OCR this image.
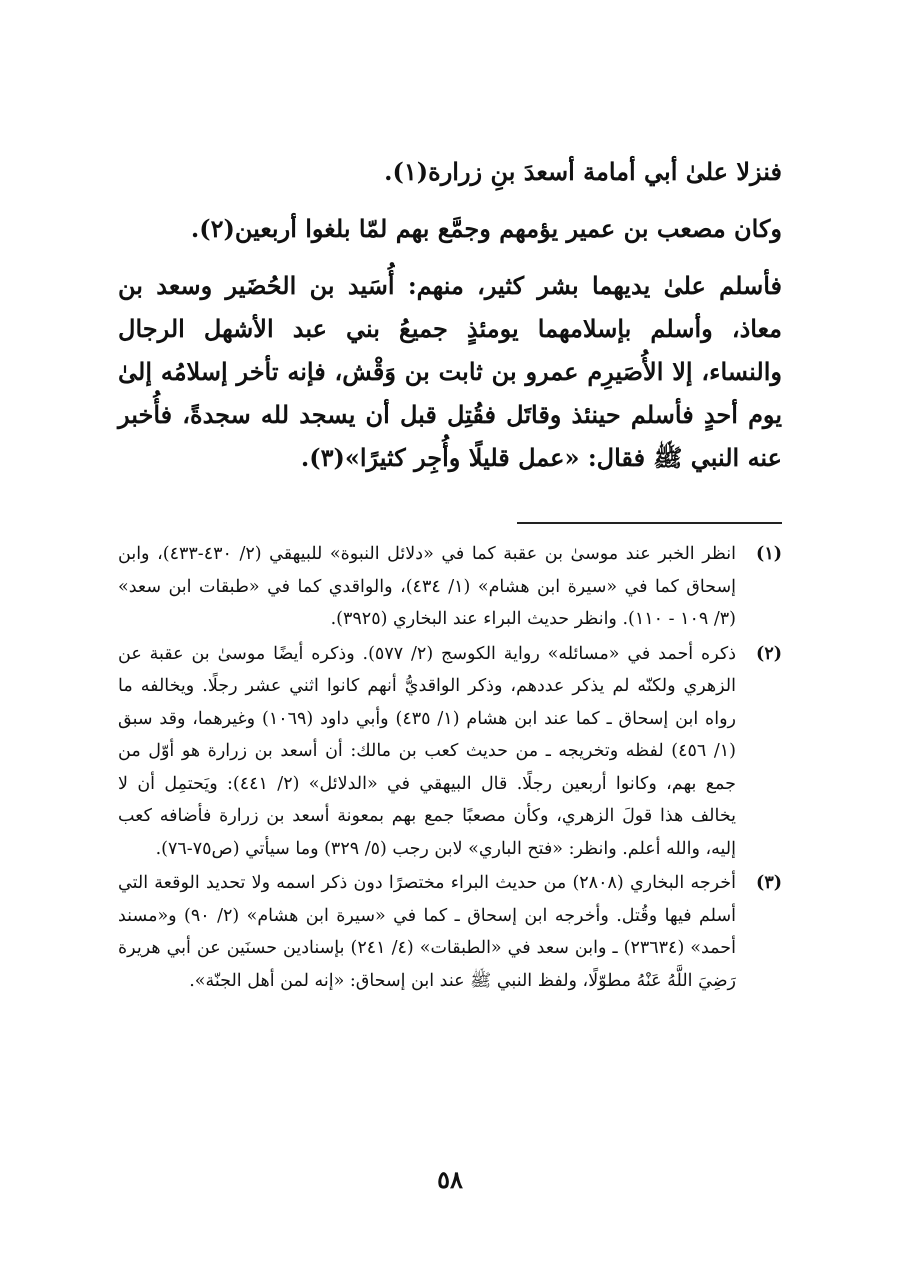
فنزلا علىٰ أبي أمامة أسعدَ بنِ زرارة(١).

وكان مصعب بن عمير يؤمهم وجمَّع بهم لمّا بلغوا أربعين(٢).

فأسلم علىٰ يديهما بشر كثير، منهم: أُسَيد بن الحُضَير وسعد بن معاذ، وأسلم بإسلامهما يومئذٍ جميعُ بني عبد الأشهل الرجال والنساء، إلا الأُصَيرِم عمرو بن ثابت بن وَقْش، فإنه تأخر إسلامُه إلىٰ يوم أحدٍ فأسلم حينئذ وقاتَل فقُتِل قبل أن يسجد لله سجدةً، فأُخبر عنه النبي ﷺ فقال: «عمل قليلًا وأُجِر كثيرًا»(٣).

(١)
انظر الخبر عند موسىٰ بن عقبة كما في «دلائل النبوة» للبيهقي (٢/ ٤٣٠-٤٣٣)، وابن إسحاق كما في «سيرة ابن هشام» (١/ ٤٣٤)، والواقدي كما في «طبقات ابن سعد» (٣/ ١٠٩ - ١١٠). وانظر حديث البراء عند البخاري (٣٩٢٥).
(٢)
ذكره أحمد في «مسائله» رواية الكوسج (٢/ ٥٧٧). وذكره أيضًا موسىٰ بن عقبة عن الزهري ولكنّه لم يذكر عددهم، وذكر الواقديُّ أنهم كانوا اثني عشر رجلًا. ويخالفه ما رواه ابن إسحاق ـ كما عند ابن هشام (١/ ٤٣٥) وأبي داود (١٠٦٩) وغيرهما، وقد سبق (١/ ٤٥٦) لفظه وتخريجه ـ من حديث كعب بن مالك: أن أسعد بن زرارة هو أوّل من جمع بهم، وكانوا أربعين رجلًا. قال البيهقي في «الدلائل» (٢/ ٤٤١): ويَحتمِل أن لا يخالف هذا قولَ الزهري، وكأن مصعبًا جمع بهم بمعونة أسعد بن زرارة فأضافه كعب إليه، والله أعلم. وانظر: «فتح الباري» لابن رجب (٥/ ٣٢٩) وما سيأتي (ص٧٥-٧٦).
(٣)
أخرجه البخاري (٢٨٠٨) من حديث البراء مختصرًا دون ذكر اسمه ولا تحديد الوقعة التي أسلم فيها وقُتل. وأخرجه ابن إسحاق ـ كما في «سيرة ابن هشام» (٢/ ٩٠) و«مسند أحمد» (٢٣٦٣٤) ـ وابن سعد في «الطبقات» (٤/ ٢٤١) بإسنادين حسنَين عن أبي هريرة رَضِيَ اللَّهُ عَنْهُ مطوّلًا، ولفظ النبي ﷺ عند ابن إسحاق: «إنه لمن أهل الجنّة».
٥٨
